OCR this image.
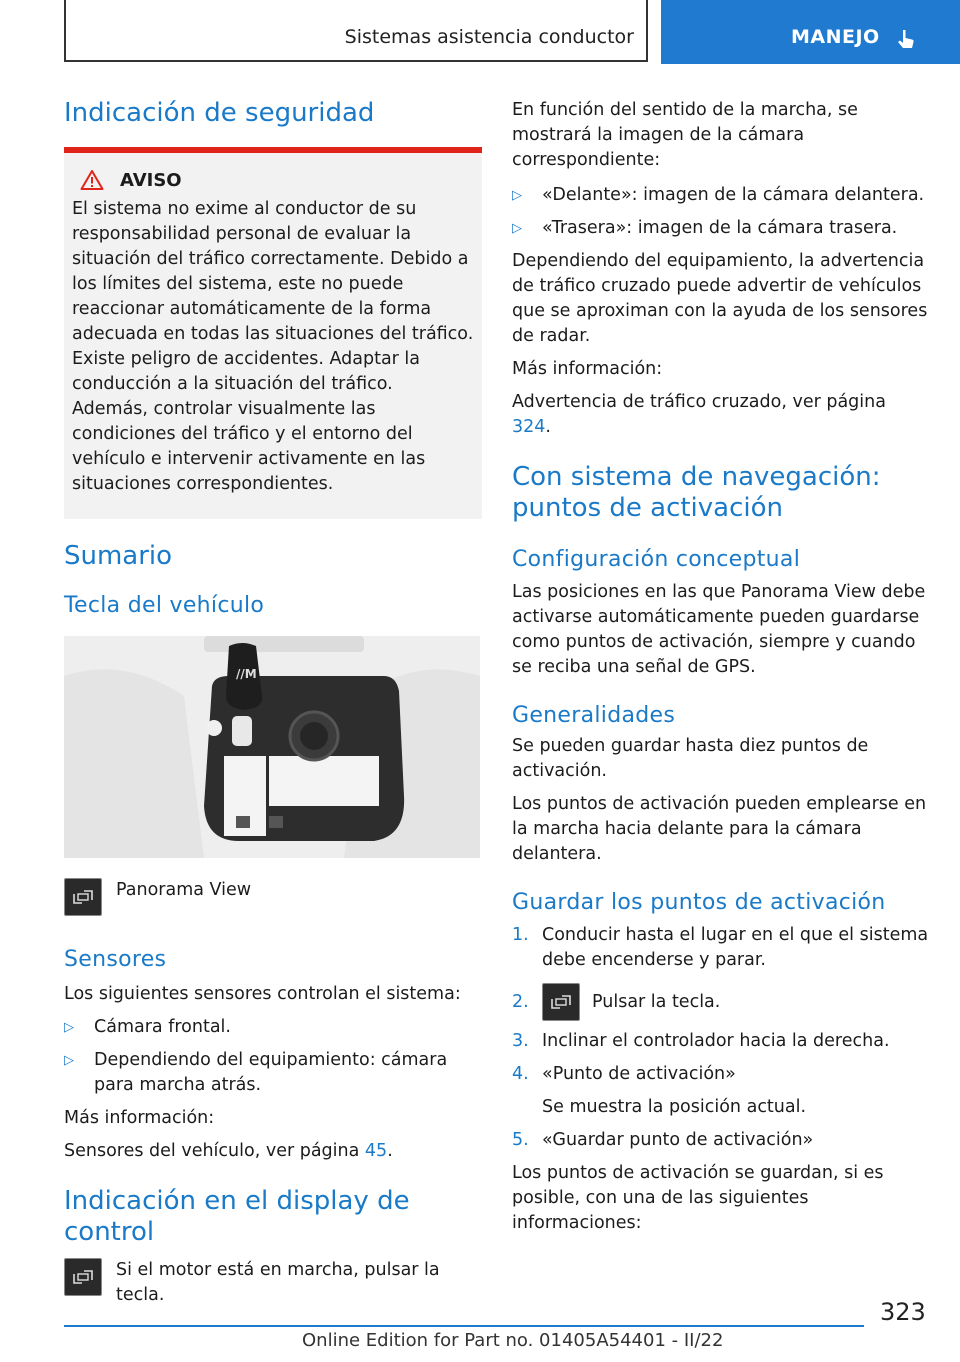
Sistemas asistencia conductor	MANEJO
Indicación de seguridad
AVISO

El sistema no exime al conductor de su responsabilidad personal de evaluar la situación del tráfico correctamente. Debido a los límites del sistema, este no puede reaccionar automáticamente de la forma adecuada en todas las situaciones del tráfico. Existe peligro de accidentes. Adaptar la conducción a la situación del tráfico. Además, controlar visualmente las condiciones del tráfico y el entorno del vehículo e intervenir activamente en las situaciones correspondientes.

Sumario
Tecla del vehículo
//M

Panorama View

Sensores

Los siguientes sensores controlan el sistema:

▷	Cámara frontal.
▷	Dependiendo del equipamiento: cámara para marcha atrás.

Más información:

Sensores del vehículo, ver página 45.

Indicación en el display de control

Si el motor está en marcha, pulsar la tecla.

En función del sentido de la marcha, se mostrará la imagen de la cámara correspondiente:

▷	«Delante»: imagen de la cámara delantera.
▷	«Trasera»: imagen de la cámara trasera.

Dependiendo del equipamiento, la advertencia de tráfico cruzado puede advertir de vehículos que se aproximan con la ayuda de los sensores de radar.

Más información:

Advertencia de tráfico cruzado, ver página 324.

Con sistema de navegación: puntos de activación
Configuración conceptual

Las posiciones en las que Panorama View debe activarse automáticamente pueden guardarse como puntos de activación, siempre y cuando se reciba una señal de GPS.

Generalidades

Se pueden guardar hasta diez puntos de activación.

Los puntos de activación pueden emplearse en la marcha hacia delante para la cámara delantera.

Guardar los puntos de activación
1. Conducir hasta el lugar en el que el sistema debe encenderse y parar.
2.	Pulsar la tecla.
3. Inclinar el controlador hacia la derecha.
4. «Punto de activación»
Se muestra la posición actual.
5. «Guardar punto de activación»

Los puntos de activación se guardan, si es posible, con una de las siguientes informaciones:

323
Online Edition for Part no. 01405A54401 - II/22
